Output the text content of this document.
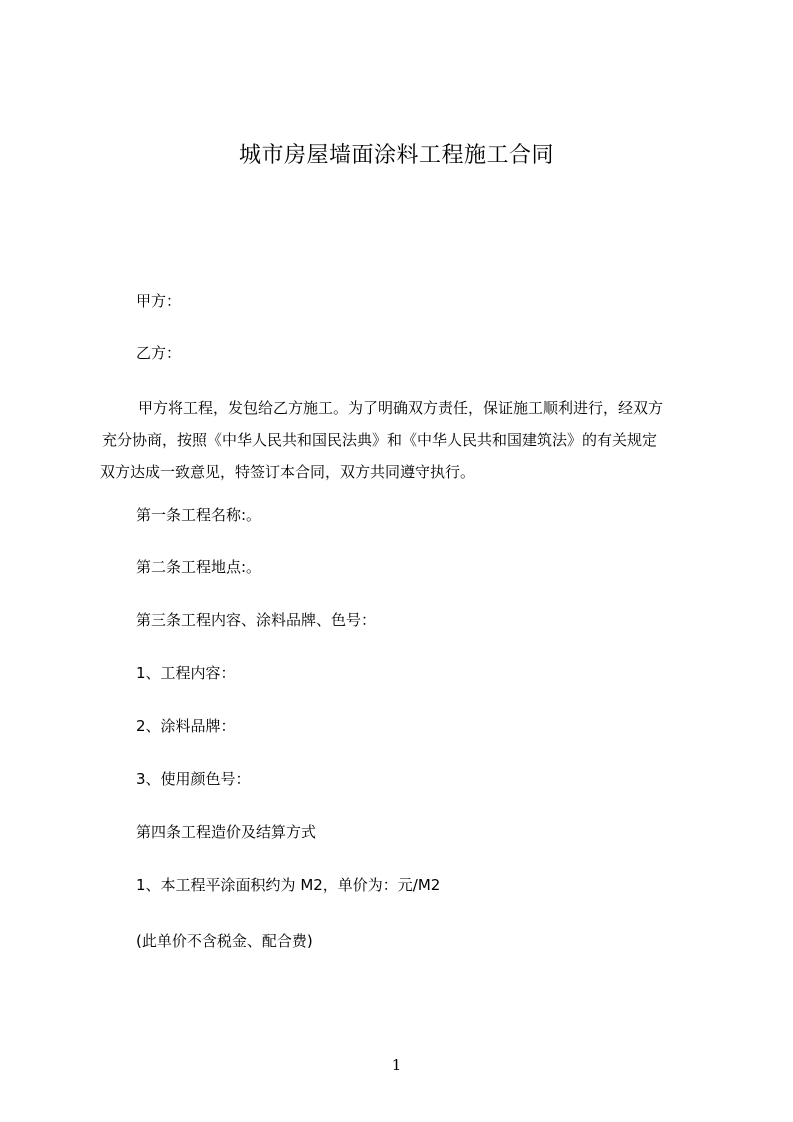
城市房屋墙面涂料工程施工合同
甲方：
乙方：
甲方将工程，发包给乙方施工。为了明确双方责任，保证施工顺利进行，经双方
充分协商，按照《中华人民共和国民法典》和《中华人民共和国建筑法》的有关规定
双方达成一致意见，特签订本合同，双方共同遵守执行。
第一条工程名称:。
第二条工程地点:。
第三条工程内容、涂料品牌、色号：
1、工程内容：
2、涂料品牌：
3、使用颜色号：
第四条工程造价及结算方式
1、本工程平涂面积约为 M2，单价为：元/M2
(此单价不含税金、配合费)
1
